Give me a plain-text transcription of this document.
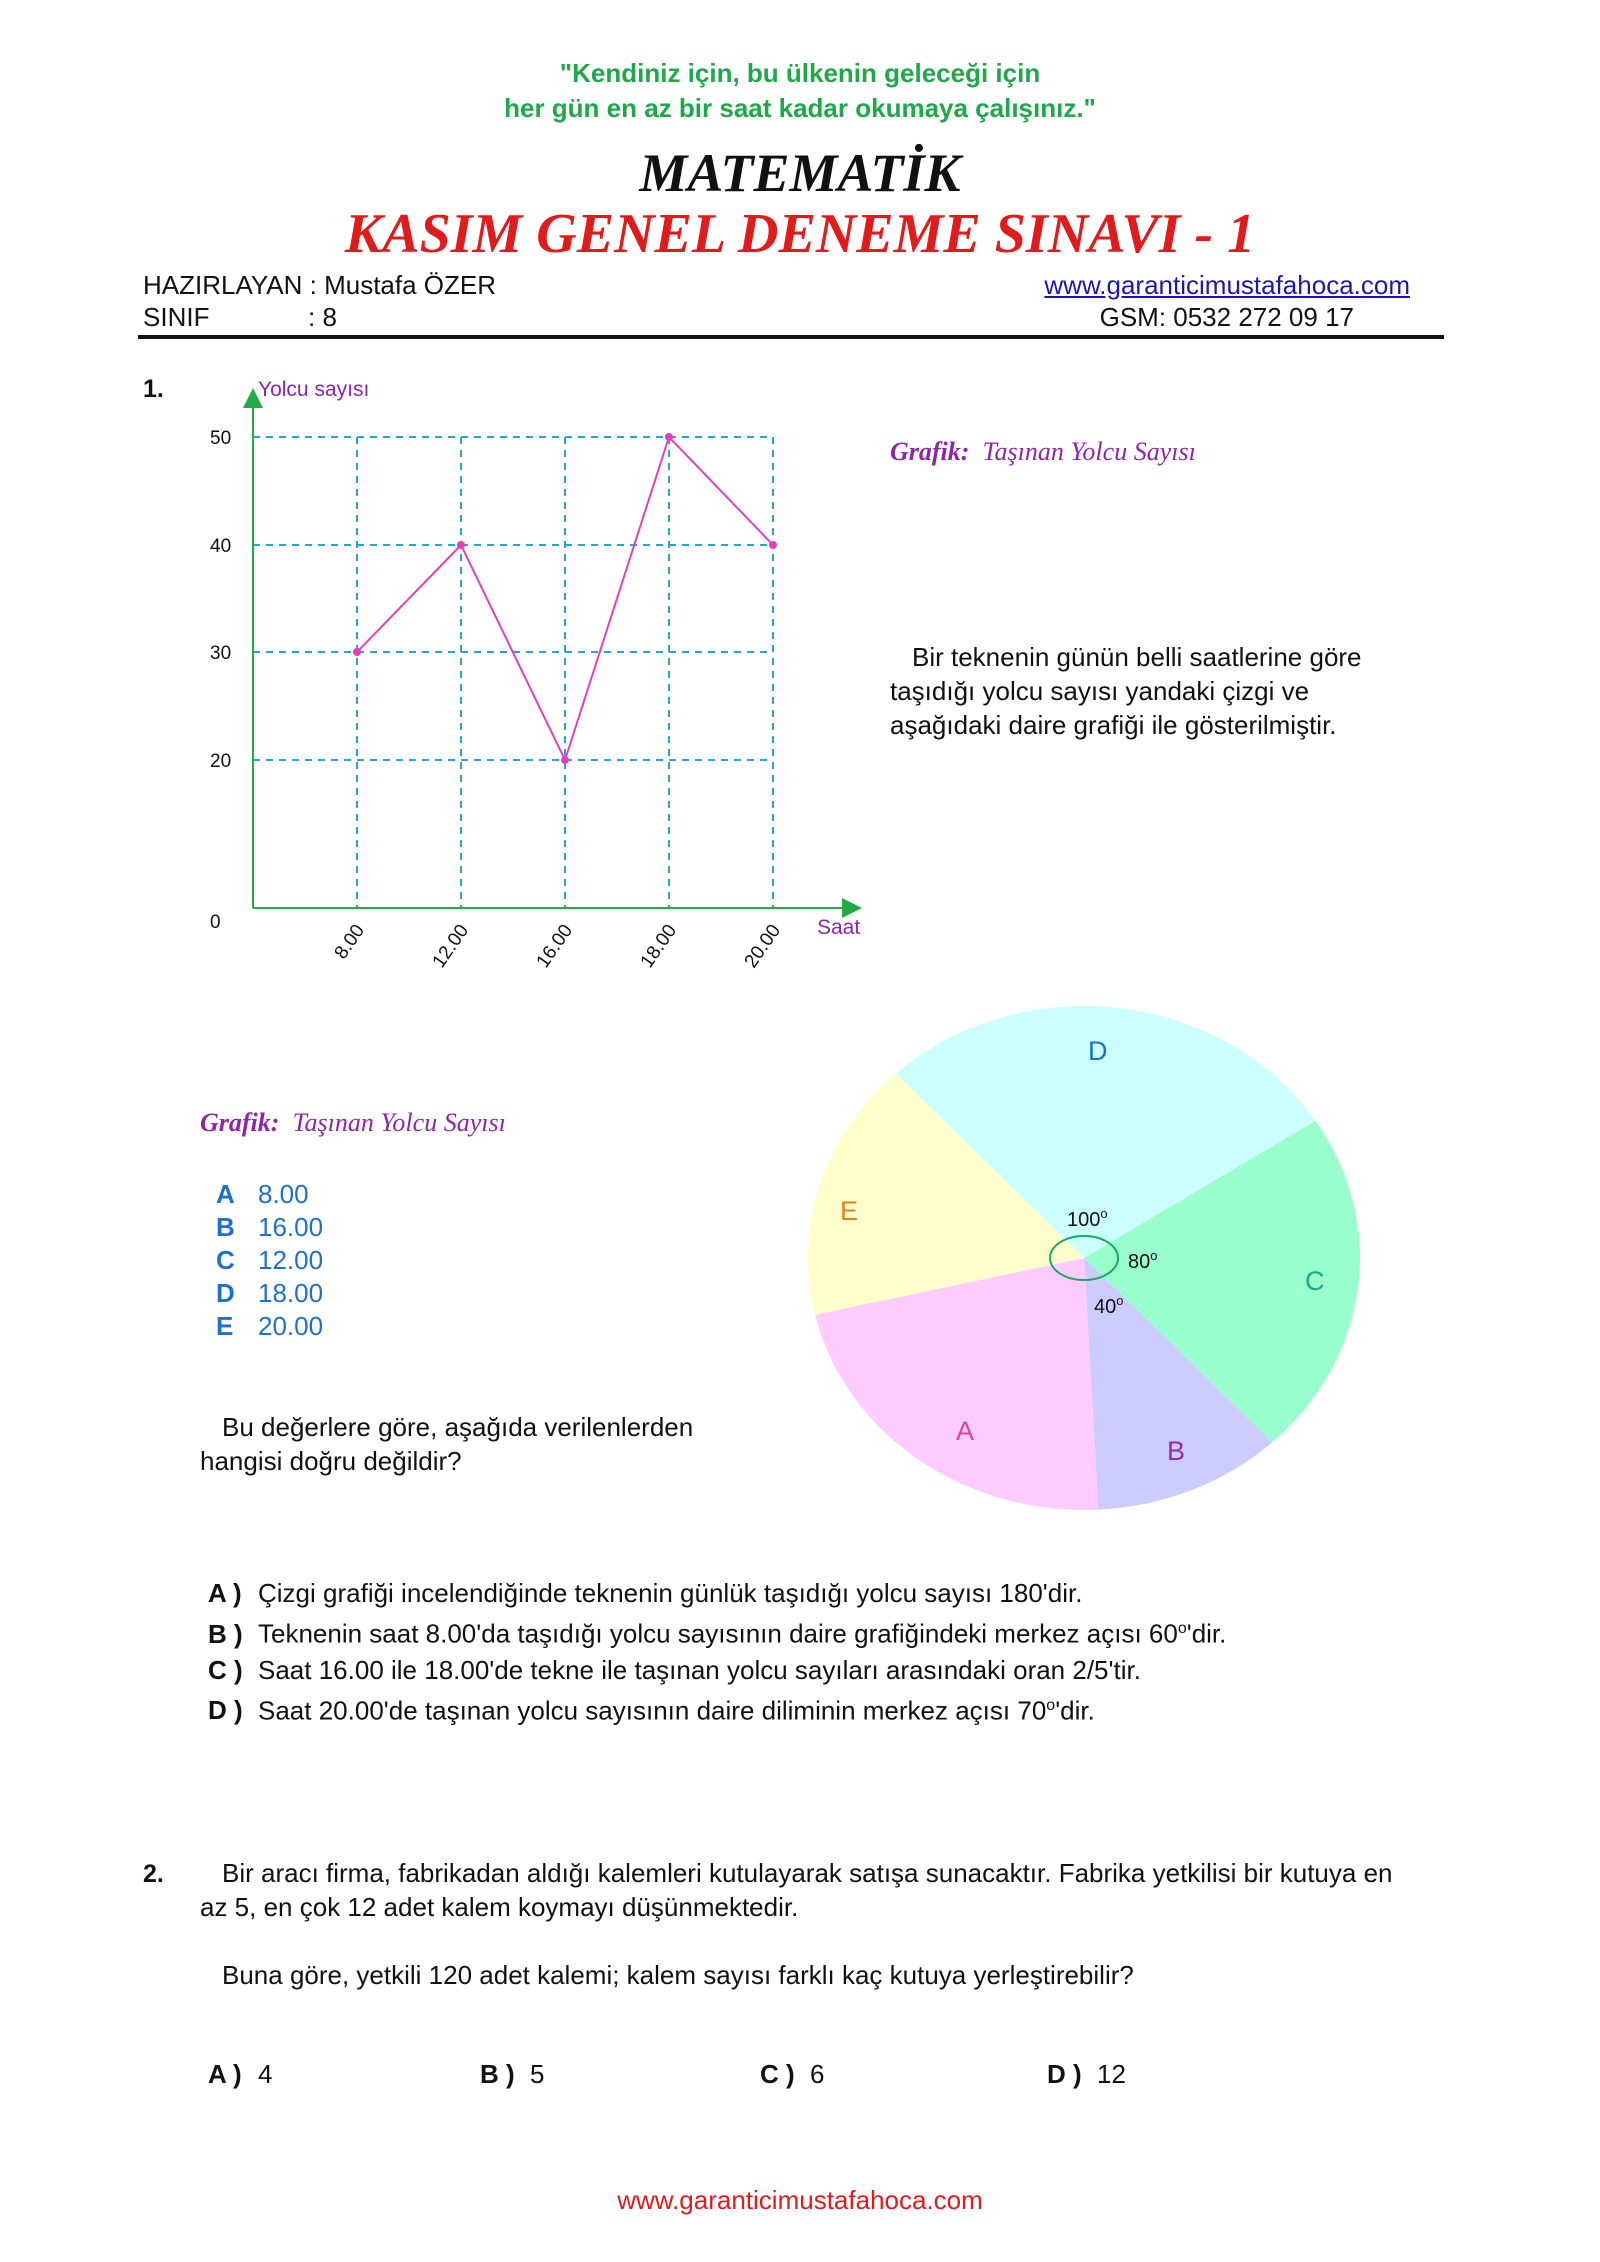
"Kendiniz için, bu ülkenin geleceği için
her gün en az bir saat kadar okumaya çalışınız."
MATEMATİK
KASIM GENEL DENEME SINAVI - 1
HAZIRLAYAN : Mustafa ÖZER
SINIF	: 8
www.garanticimustafahoca.com
GSM: 0532 272 09 17
1.	Yolcu sayısı
Saat
0
20
30
40
50
8.00	12.00	16.00	18.00	20.00
Grafik: Taşınan Yolcu Sayısı
Bir teknenin günün belli saatlerine göre taşıdığı yolcu sayısı yandaki çizgi ve aşağıdaki daire grafiği ile gösterilmiştir.
Grafik: Taşınan Yolcu Sayısı
A 8.00
B 16.00
C 12.00
D 18.00
E 20.00
Bu değerlere göre, aşağıda verilenlerden hangisi doğru değildir?
D
C
B
A
E	100$^o$
80$^o$
40$^o$
A ) Çizgi grafiği incelendiğinde teknenin günlük taşıdığı yolcu sayısı 180'dir.
B ) Teknenin saat 8.00'da taşıdığı yolcu sayısının daire grafiğindeki merkez açısı 60$^o$'dir.
C ) Saat 16.00 ile 18.00'de tekne ile taşınan yolcu sayıları arasındaki oran 2/5'tir.
D ) Saat 20.00'de taşınan yolcu sayısının daire diliminin merkez açısı 70$^o$'dir.
2.	Bir aracı firma, fabrikadan aldığı kalemleri kutulayarak satışa sunacaktır. Fabrika yetkilisi bir kutuya en az 5, en çok 12 adet kalem koymayı düşünmektedir.
Buna göre, yetkili 120 adet kalemi; kalem sayısı farklı kaç kutuya yerleştirebilir?
A ) 4	B ) 5	C ) 6	D ) 12
www.garanticimustafahoca.com
